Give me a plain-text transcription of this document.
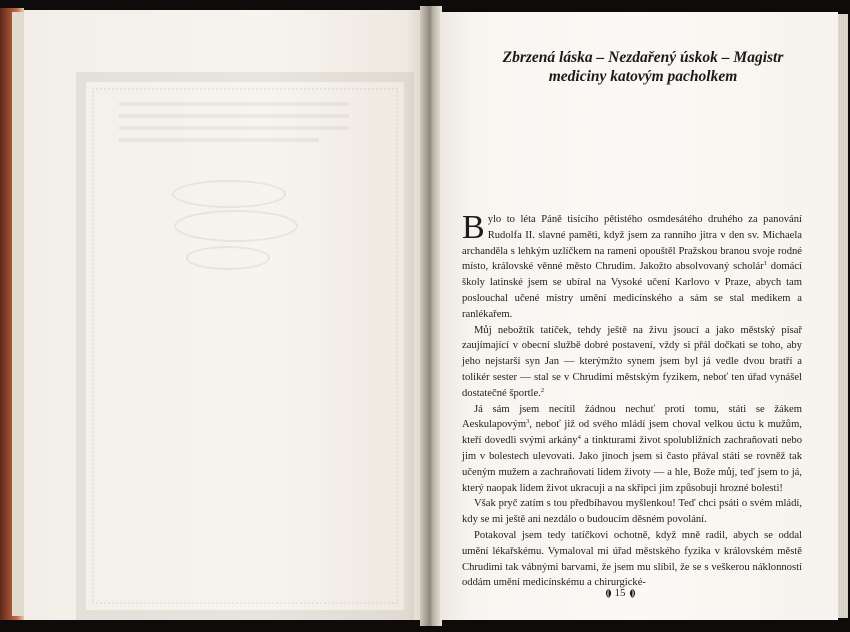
Zbrzená láska – Nezdařený úskok – Magistr
mediciny katovým pacholkem

Bylo to léta Páně tisícího pětistého osmdesátého druhého za panování Rudolfa II. slavné paměti, když jsem za ranního jitra v den sv. Michaela archanděla s lehkým uzlíčkem na rameni opouštěl Pražskou branou svoje rodné místo, královské věnné město Chrudim. Jakožto absolvovaný scholár$^1$ domácí školy latinské jsem se ubíral na Vysoké učení Karlovo v Praze, abych tam poslouchal učené mistry umění medicínského a sám se stal medikem a ranlékařem.

Můj nebožtík tatíček, tehdy ještě na živu jsoucí a jako městský písař zaujímající v obecní službě dobré postavení, vždy si přál dočkati se toho, aby jeho nejstarší syn Jan — kterýmžto synem jsem byl já vedle dvou bratří a tolikér sester — stal se v Chrudimi městským fyzikem, neboť ten úřad vynášel dostatečné športle.$^2$

Já sám jsem necítil žádnou nechuť proti tomu, státi se žákem Aeskulapovým$^3$, neboť již od svého mládí jsem choval velkou úctu k mužům, kteří dovedli svými arkány$^4$ a tinkturami život spolubližních zachraňovati nebo jim v bolestech ulevovati. Jako jinoch jsem si často přával státi se rovněž tak učeným mužem a zachraňovati lidem životy — a hle, Bože můj, teď jsem to já, který naopak lidem život ukracuji a na skřipci jim způsobuji hrozné bolesti!

Však pryč zatím s tou předbíhavou myšlenkou! Teď chci psáti o svém mládí, kdy se mi ještě ani nezdálo o budoucím děsném povolání.

Potakoval jsem tedy tatíčkovi ochotně, když mně radil, abych se oddal umění lékařskému. Vymaloval mi úřad městského fyzika v královském městě Chrudimi tak vábnými barvami, že jsem mu slíbil, že se s veškerou náklonností oddám umění medicínskému a chirurgické-

15
